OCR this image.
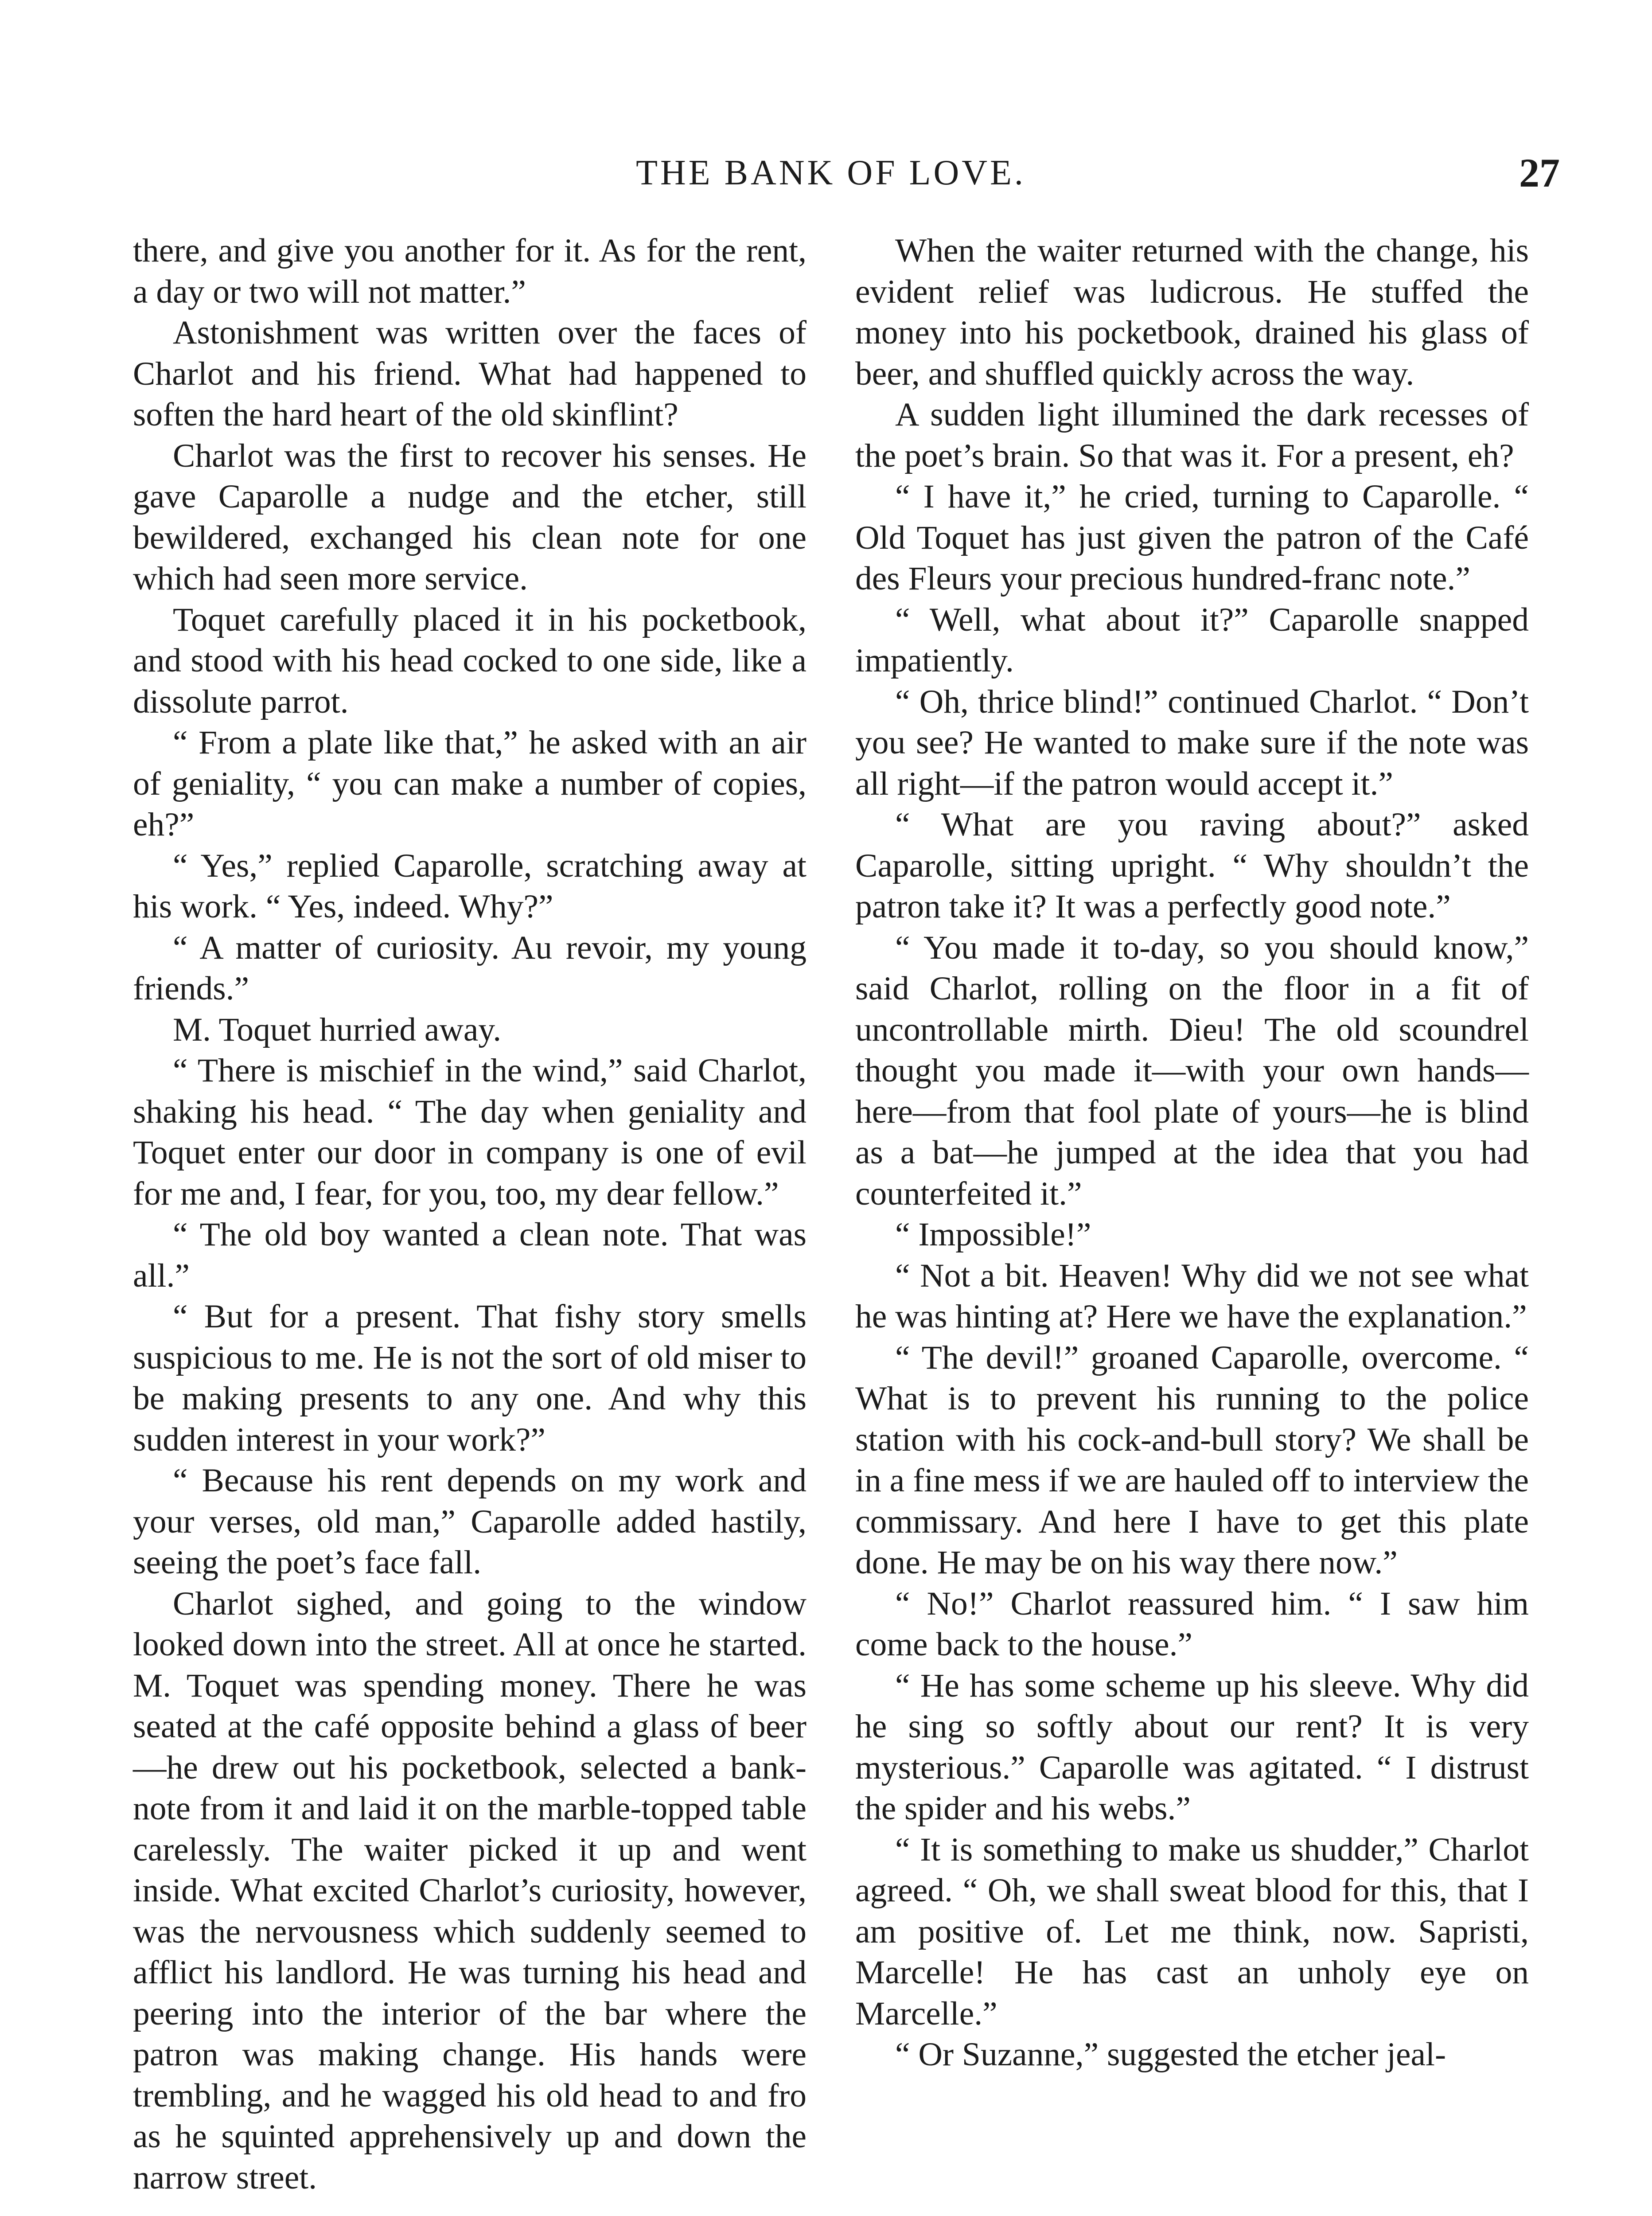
THE BANK OF LOVE.	27

there, and give you another for it. As for the rent, a day or two will not matter.”

Astonishment was written over the faces of Charlot and his friend. What had happened to soften the hard heart of the old skinflint?

Charlot was the first to recover his senses. He gave Caparolle a nudge and the etcher, still bewildered, exchanged his clean note for one which had seen more service.

Toquet carefully placed it in his pocketbook, and stood with his head cocked to one side, like a dissolute parrot.

“ From a plate like that,” he asked with an air of geniality, “ you can make a number of copies, eh?”

“ Yes,” replied Caparolle, scratching away at his work. “ Yes, indeed. Why?”

“ A matter of curiosity. Au revoir, my young friends.”

M. Toquet hurried away.

“ There is mischief in the wind,” said Charlot, shaking his head. “ The day when geniality and Toquet enter our door in company is one of evil for me and, I fear, for you, too, my dear fellow.”

“ The old boy wanted a clean note. That was all.”

“ But for a present. That fishy story smells suspicious to me. He is not the sort of old miser to be making presents to any one. And why this sudden interest in your work?”

“ Because his rent depends on my work and your verses, old man,” Caparolle added hastily, seeing the poet’s face fall.

Charlot sighed, and going to the window looked down into the street. All at once he started. M. Toquet was spending money. There he was seated at the café opposite behind a glass of beer—he drew out his pocketbook, selected a bank-note from it and laid it on the marble-topped table carelessly. The waiter picked it up and went inside. What excited Charlot’s curiosity, however, was the nervousness which suddenly seemed to afflict his landlord. He was turning his head and peering into the interior of the bar where the patron was making change. His hands were trembling, and he wagged his old head to and fro as he squinted apprehensively up and down the narrow street.

When the waiter returned with the change, his evident relief was ludicrous. He stuffed the money into his pocketbook, drained his glass of beer, and shuffled quickly across the way.

A sudden light illumined the dark recesses of the poet’s brain. So that was it. For a present, eh?

“ I have it,” he cried, turning to Caparolle. “ Old Toquet has just given the patron of the Café des Fleurs your precious hundred-franc note.”

“ Well, what about it?” Caparolle snapped impatiently.

“ Oh, thrice blind!” continued Charlot. “ Don’t you see? He wanted to make sure if the note was all right—if the patron would accept it.”

“ What are you raving about?” asked Caparolle, sitting upright. “ Why shouldn’t the patron take it? It was a perfectly good note.”

“ You made it to-day, so you should know,” said Charlot, rolling on the floor in a fit of uncontrollable mirth. Dieu! The old scoundrel thought you made it—with your own hands—here—from that fool plate of yours—he is blind as a bat—he jumped at the idea that you had counterfeited it.”

“ Impossible!”

“ Not a bit. Heaven! Why did we not see what he was hinting at? Here we have the explanation.”

“ The devil!” groaned Caparolle, overcome. “ What is to prevent his running to the police station with his cock-and-bull story? We shall be in a fine mess if we are hauled off to interview the commissary. And here I have to get this plate done. He may be on his way there now.”

“ No!” Charlot reassured him. “ I saw him come back to the house.”

“ He has some scheme up his sleeve. Why did he sing so softly about our rent? It is very mysterious.” Caparolle was agitated. “ I distrust the spider and his webs.”

“ It is something to make us shudder,” Charlot agreed. “ Oh, we shall sweat blood for this, that I am positive of. Let me think, now. Sapristi, Marcelle! He has cast an unholy eye on Marcelle.”

“ Or Suzanne,” suggested the etcher jeal-
